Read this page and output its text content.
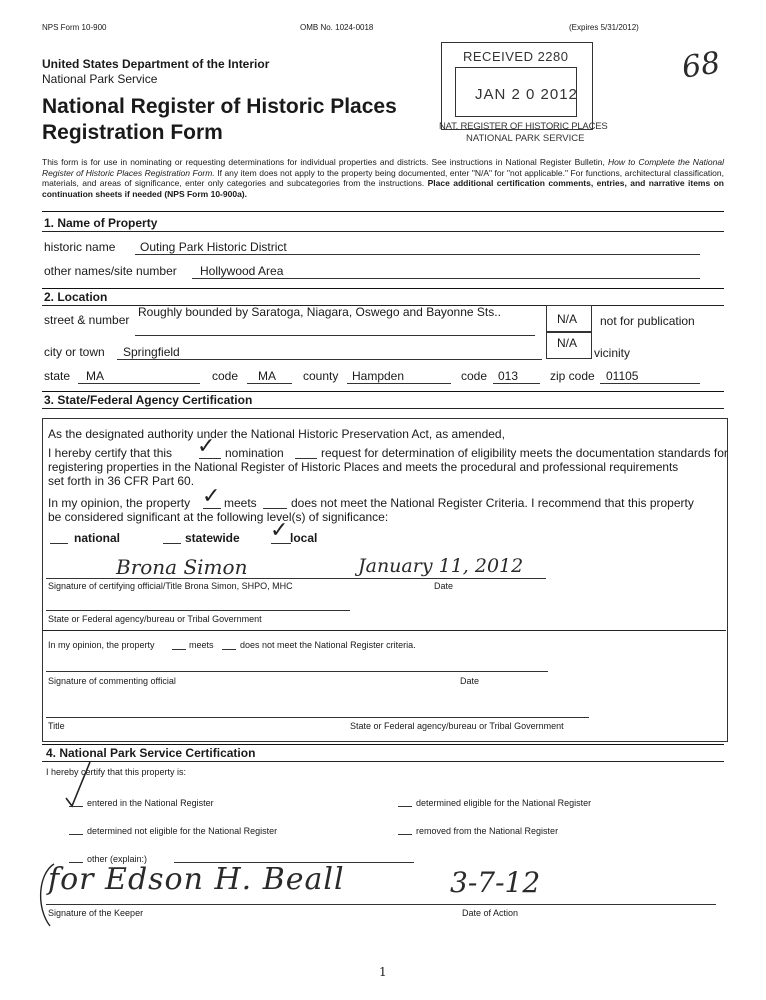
NPS Form 10-900	OMB No. 1024-0018	(Expires 5/31/2012)
United States Department of the Interior
National Park Service
National Register of Historic Places
Registration Form
68
RECEIVED 2280
JAN 2 0 2012
NAT. REGISTER OF HISTORIC PLACES
NATIONAL PARK SERVICE
This form is for use in nominating or requesting determinations for individual properties and districts. See instructions in National Register Bulletin, How to Complete the National Register of Historic Places Registration Form. If any item does not apply to the property being documented, enter "N/A" for "not applicable." For functions, architectural classification, materials, and areas of significance, enter only categories and subcategories from the instructions. Place additional certification comments, entries, and narrative items on continuation sheets if needed (NPS Form 10-900a).
1. Name of Property
historic name Outing Park Historic District
other names/site number Hollywood Area
2. Location
street & number
Roughly bounded by Saratoga, Niagara, Oswego and Bayonne Sts..	N/A not for publication
N/A
vicinity
city or town Springfield
state MA	code MA county Hampden	code 013	zip code 01105
3. State/Federal Agency Certification
As the designated authority under the National Historic Preservation Act, as amended,
I hereby certify that this ✓ nomination	request for determination of eligibility meets the documentation standards for
registering properties in the National Register of Historic Places and meets the procedural and professional requirements
set forth in 36 CFR Part 60.
In my opinion, the property ✓ meets	does not meet the National Register Criteria. I recommend that this property
be considered significant at the following level(s) of significance:
national	statewide ✓ local
Brona Simon	January 11, 2012
Signature of certifying official/Title Brona Simon, SHPO, MHC	Date
State or Federal agency/bureau or Tribal Government
In my opinion, the property	meets	does not meet the National Register criteria.
Signature of commenting official	Date
Title	State or Federal agency/bureau or Tribal Government
4. National Park Service Certification
I hereby certify that this property is:
entered in the National Register	determined eligible for the National Register
determined not eligible for the National Register	removed from the National Register
other (explain:)
for Edson H. Beall	3-7-12
Signature of the Keeper	Date of Action
1
